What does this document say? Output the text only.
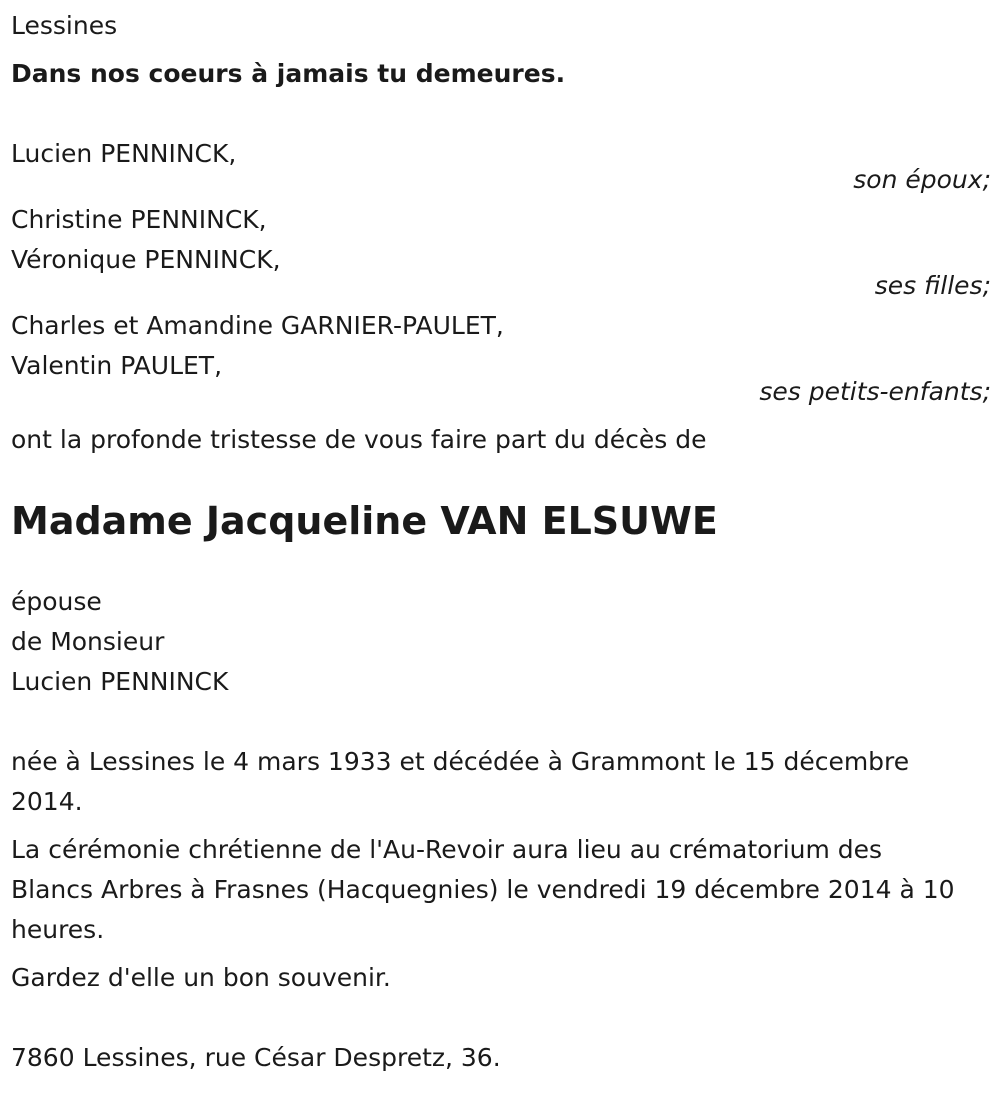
Lessines
Dans nos coeurs à jamais tu demeures.
Lucien PENNINCK,
son époux;
Christine PENNINCK,
Véronique PENNINCK,
ses filles;
Charles et Amandine GARNIER-PAULET,
Valentin PAULET,
ses petits-enfants;
ont la profonde tristesse de vous faire part du décès de
Madame Jacqueline VAN ELSUWE
épouse
de Monsieur
Lucien PENNINCK
née à Lessines le 4 mars 1933 et décédée à Grammont le 15 décembre 2014.
La cérémonie chrétienne de l'Au-Revoir aura lieu au crématorium des Blancs Arbres à Frasnes (Hacquegnies) le vendredi 19 décembre 2014 à 10 heures.
Gardez d'elle un bon souvenir.
7860 Lessines, rue César Despretz, 36.
